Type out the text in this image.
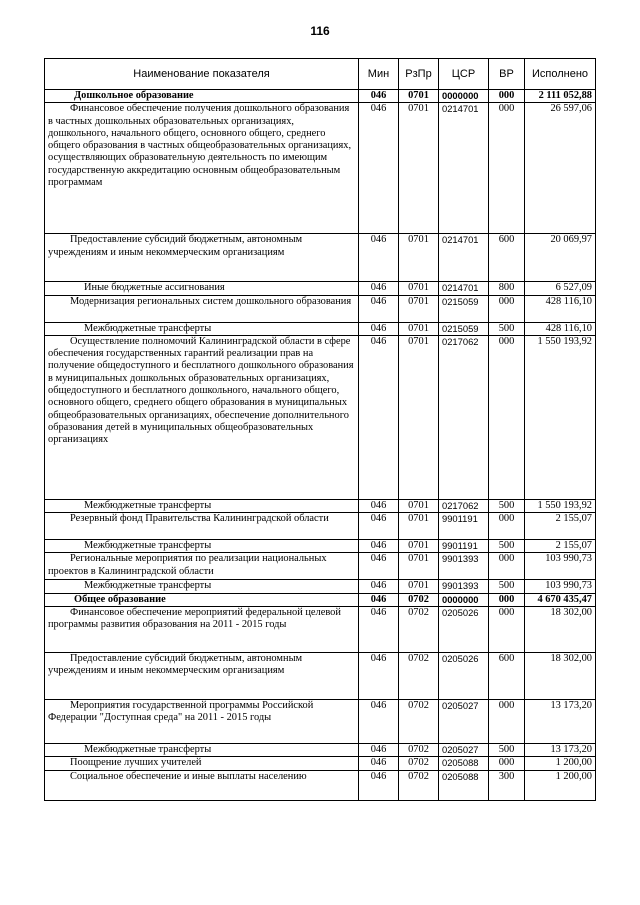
116
Наименование показателя	Мин	РзПр	ЦСР	ВР	Исполнено

Дошкольное образование	046	0701	0000000	000	2 111 052,88

Финансовое обеспечение получения дошкольного образования в частных дошкольных образовательных организациях, дошкольного, начального общего, основного общего, среднего общего образования в частных общеобразовательных организациях, осуществляющих образовательную деятельность по имеющим государственную аккредитацию основным общеобразовательным программам	046	0701	0214701	000	26 597,06

Предоставление субсидий бюджетным, автономным учреждениям и иным некоммерческим организациям	046	0701	0214701	600	20 069,97

Иные бюджетные ассигнования	046	0701	0214701	800	6 527,09

Модернизация региональных систем дошкольного образования	046	0701	0215059	000	428 116,10

Межбюджетные трансферты	046	0701	0215059	500	428 116,10

Осуществление полномочий Калининградской области в сфере обеспечения государственных гарантий реализации прав на получение общедоступного и бесплатного дошкольного образования в муниципальных дошкольных образовательных организациях, общедоступного и бесплатного дошкольного, начального общего, основного общего, среднего общего образования в муниципальных общеобразовательных организациях, обеспечение дополнительного образования детей в муниципальных общеобразовательных организациях	046	0701	0217062	000	1 550 193,92

Межбюджетные трансферты	046	0701	0217062	500	1 550 193,92

Резервный фонд Правительства Калининградской области	046	0701	9901191	000	2 155,07

Межбюджетные трансферты	046	0701	9901191	500	2 155,07

Региональные мероприятия по реализации национальных проектов в Калининградской области	046	0701	9901393	000	103 990,73

Межбюджетные трансферты	046	0701	9901393	500	103 990,73

Общее образование	046	0702	0000000	000	4 670 435,47

Финансовое обеспечение мероприятий федеральной целевой программы развития образования на 2011 - 2015 годы	046	0702	0205026	000	18 302,00

Предоставление субсидий бюджетным, автономным учреждениям и иным некоммерческим организациям	046	0702	0205026	600	18 302,00

Мероприятия государственной программы Российской Федерации "Доступная среда" на 2011 - 2015 годы	046	0702	0205027	000	13 173,20

Межбюджетные трансферты	046	0702	0205027	500	13 173,20

Поощрение лучших учителей	046	0702	0205088	000	1 200,00

Социальное обеспечение и иные выплаты населению	046	0702	0205088	300	1 200,00
